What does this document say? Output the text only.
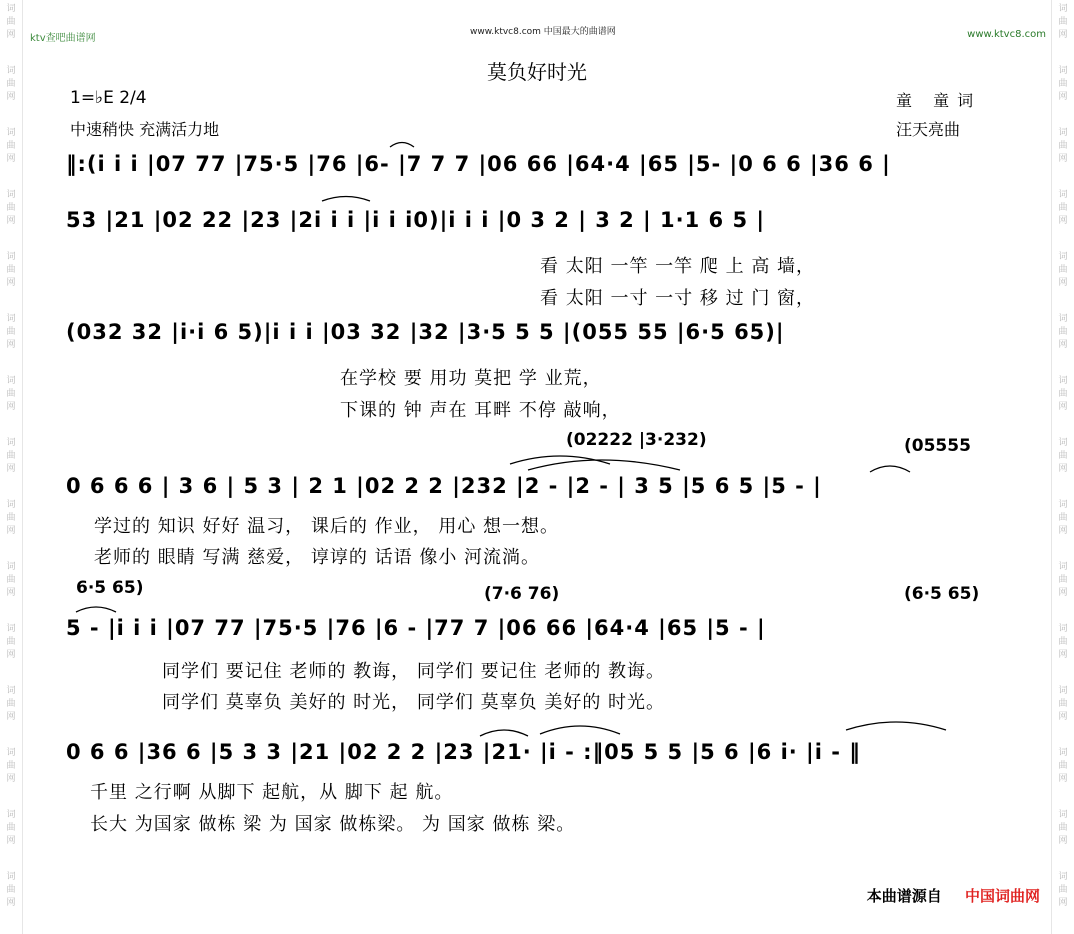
词
曲
网
词
曲
网
词
曲
网
词
曲
网
词
曲
网
词
曲
网
词
曲
网
词
曲
网
词
曲
网
词
曲
网
词
曲
网
词
曲
网
词
曲
网
词
曲
网
词
曲
网
词
曲
网
词
曲
网
词
曲
网
词
曲
网
词
曲
网
词
曲
网
词
曲
网
词
曲
网
词
曲
网
词
曲
网
词
曲
网
词
曲
网
词
曲
网
词
曲
网
词
曲
网
ktv查吧曲谱网
www.ktvc8.com 中国最大的曲谱网	www.ktvc8.com
莫负好时光
1=♭E 2/4
中速稍快 充满活力地
童 童词
汪天亮曲
‖:(i i i |07 77 |75·5 |76 |6- |7 7 7 |06 66 |64·4 |65 |5- |0 6 6 |36 6 |
53 |21 |02 22 |23 |2i i i |i i i0)|i i i |0 3 2 | 3 2 | 1·1 6 5 |
看 太阳 一竿 一竿 爬 上 高 墙，
看 太阳 一寸 一寸 移 过 门 窗，
(032 32 |i·i 6 5)|i i i |03 32 |32 |3·5 5 5 |(055 55 |6·5 65)|
在学校 要 用功 莫把 学 业荒，
下课的 钟 声在 耳畔 不停 敲响，
(02222 |3·232)	(05555
0 6 6 6 | 3 6 | 5 3 | 2 1 |02 2 2 |232 |2 - |2 - | 3 5 |5 6 5 |5 - |
学过的 知识 好好 温习， 课后的 作业， 用心 想一想。
老师的 眼睛 写满 慈爱， 谆谆的 话语 像小 河流淌。
6·5 65)	(7·6 76)	(6·5 65)
5 - |i i i |07 77 |75·5 |76 |6 - |77 7 |06 66 |64·4 |65 |5 - |
同学们 要记住 老师的 教诲， 同学们 要记住 老师的 教诲。
同学们 莫辜负 美好的 时光， 同学们 莫辜负 美好的 时光。
0 6 6 |36 6 |5 3 3 |21 |02 2 2 |23 |21· |i - :‖05 5 5 |5 6 |6 i· |i - ‖
千里 之行啊 从脚下 起航，从 脚下 起 航。
长大 为国家 做栋 梁 为 国家 做栋梁。 为 国家 做栋 梁。
本曲谱源自 中国词曲网
